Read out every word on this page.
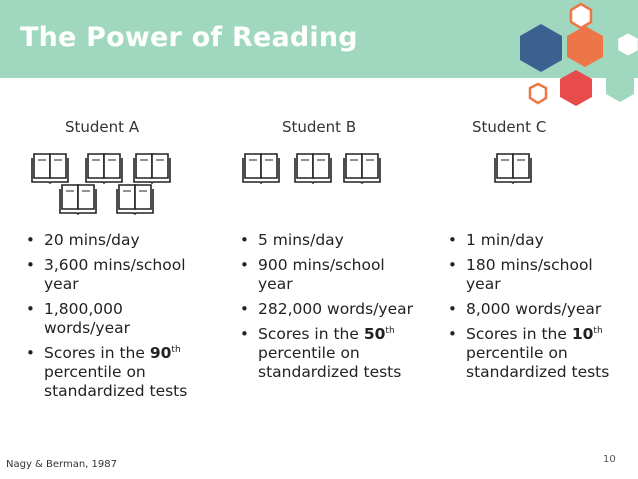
The Power of Reading
Student A	Student B	Student C
• 20 mins/day
• 3,600 mins/school year
• 1,800,000 words/year
• Scores in the 90th
percentile on standardized tests
• 5 mins/day
• 900 mins/school year
• 282,000 words/year
• Scores in the 50th
percentile on standardized tests
• 1 min/day
• 180 mins/school year
• 8,000 words/year
• Scores in the 10th
percentile on standardized tests
Nagy & Berman, 1987	10
